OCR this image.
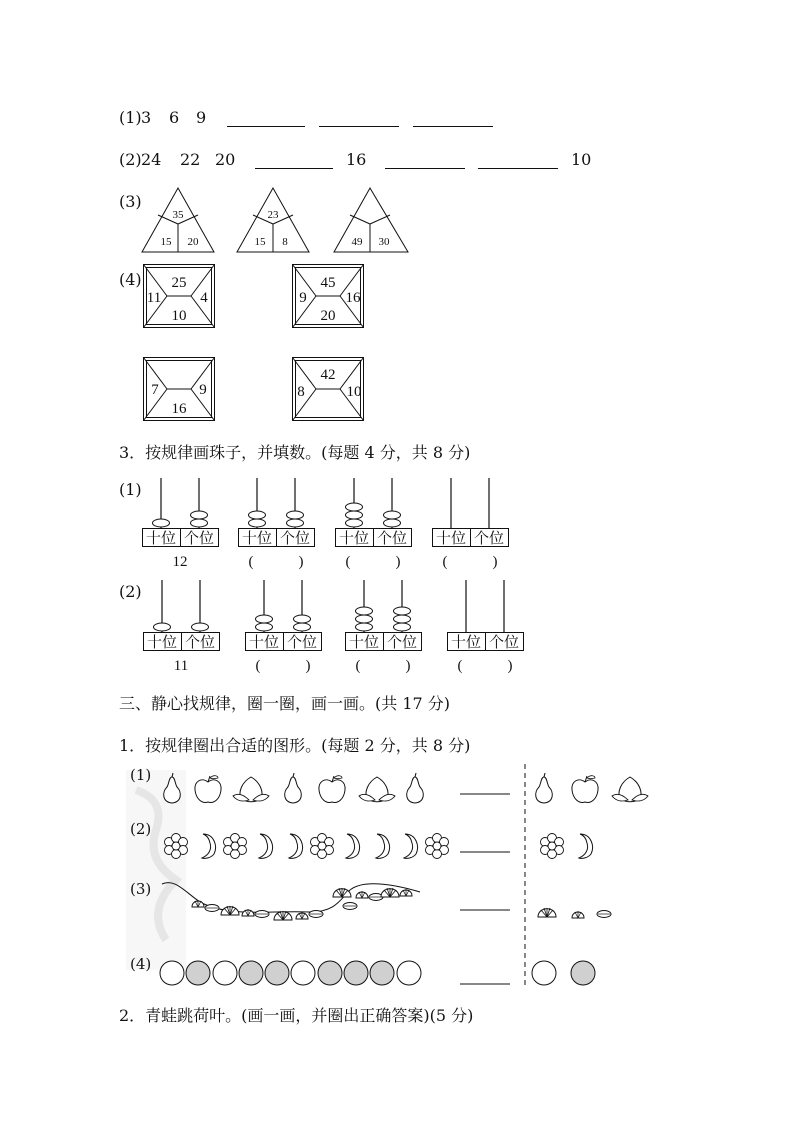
(1) 3 6 9
(2) 24 22 20	16	10
(3)
35
15 20
23
15 8	49 30
(4) 25
11	4
10
45
9	16
20
7	9
16
42
8	10
3．按规律画珠子，并填数。(每题 4 分，共 8 分)
(1)
十位 个位
12
十位 个位
(　　　)
十位 个位
(　　　)
十位 个位
(　　　)
(2)
十位 个位
11
十位 个位
(　　　)
十位 个位
(　　　)
十位 个位
(　　　)
三、静心找规律，圈一圈，画一画。(共 17 分)
1．按规律圈出合适的图形。(每题 2 分，共 8 分)
(1)
(2)
(3)
(4)
2．青蛙跳荷叶。(画一画，并圈出正确答案)(5 分)
